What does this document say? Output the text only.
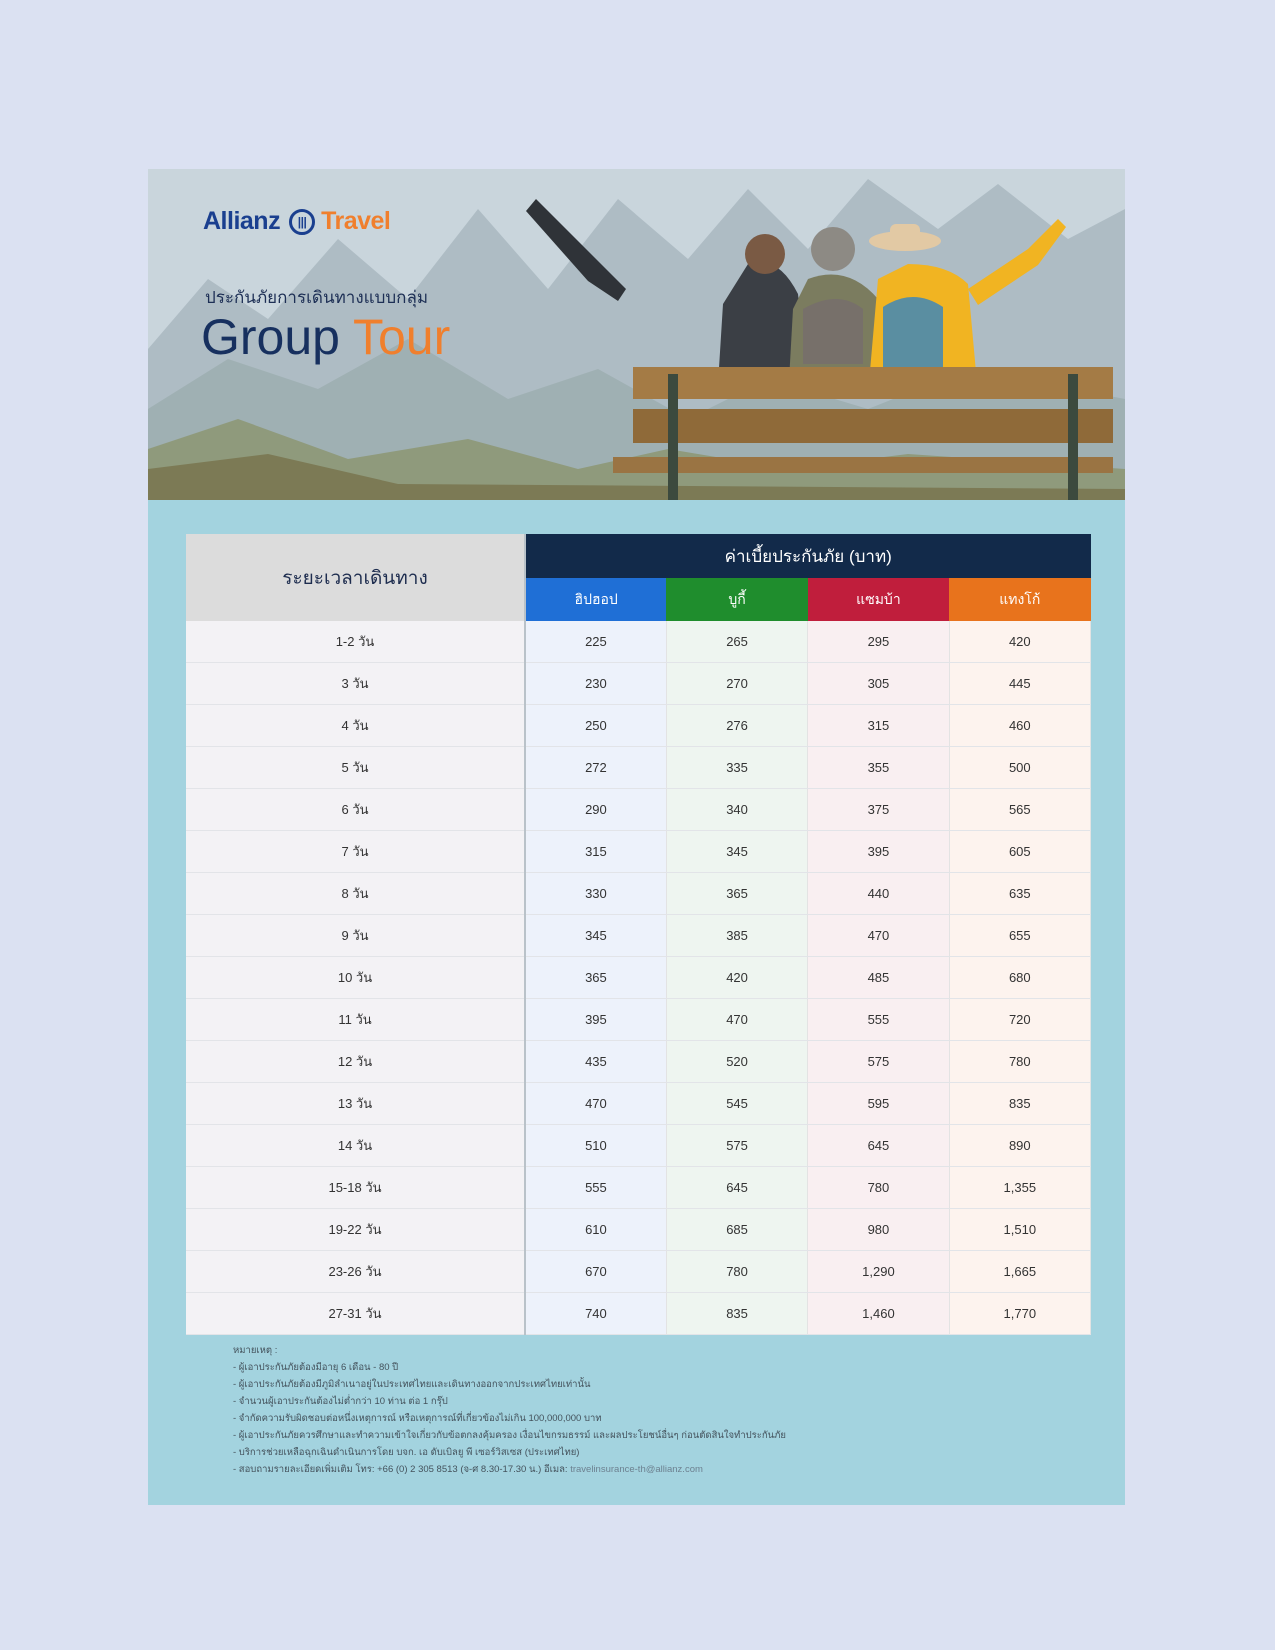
Allianz	||| Travel
ประกันภัยการเดินทางแบบกลุ่ม
Group Tour
ระยะเวลาเดินทาง	ค่าเบี้ยประกันภัย (บาท)			
	ฮิปฮอป	บูกี้	แซมบ้า	แทงโก้
1-2 วัน	225	265	295	420
3 วัน	230	270	305	445
4 วัน	250	276	315	460
5 วัน	272	335	355	500
6 วัน	290	340	375	565
7 วัน	315	345	395	605
8 วัน	330	365	440	635
9 วัน	345	385	470	655
10 วัน	365	420	485	680
11 วัน	395	470	555	720
12 วัน	435	520	575	780
13 วัน	470	545	595	835
14 วัน	510	575	645	890
15-18 วัน	555	645	780	1,355
19-22 วัน	610	685	980	1,510
23-26 วัน	670	780	1,290	1,665
27-31 วัน	740	835	1,460	1,770
หมายเหตุ :
- ผู้เอาประกันภัยต้องมีอายุ 6 เดือน - 80 ปี
- ผู้เอาประกันภัยต้องมีภูมิลำเนาอยู่ในประเทศไทยและเดินทางออกจากประเทศไทยเท่านั้น
- จำนวนผู้เอาประกันต้องไม่ต่ำกว่า 10 ท่าน ต่อ 1 กรุ๊ป
- จำกัดความรับผิดชอบต่อหนึ่งเหตุการณ์ หรือเหตุการณ์ที่เกี่ยวข้องไม่เกิน 100,000,000 บาท
- ผู้เอาประกันภัยควรศึกษาและทำความเข้าใจเกี่ยวกับข้อตกลงคุ้มครอง เงื่อนไขกรมธรรม์ และผลประโยชน์อื่นๆ ก่อนตัดสินใจทำประกันภัย
- บริการช่วยเหลือฉุกเฉินดำเนินการโดย บจก. เอ ดับเบิลยู พี เซอร์วิสเซส (ประเทศไทย)
- สอบถามรายละเอียดเพิ่มเติม โทร: +66 (0) 2 305 8513 (จ-ศ 8.30-17.30 น.) อีเมล: travelinsurance-th@allianz.com
